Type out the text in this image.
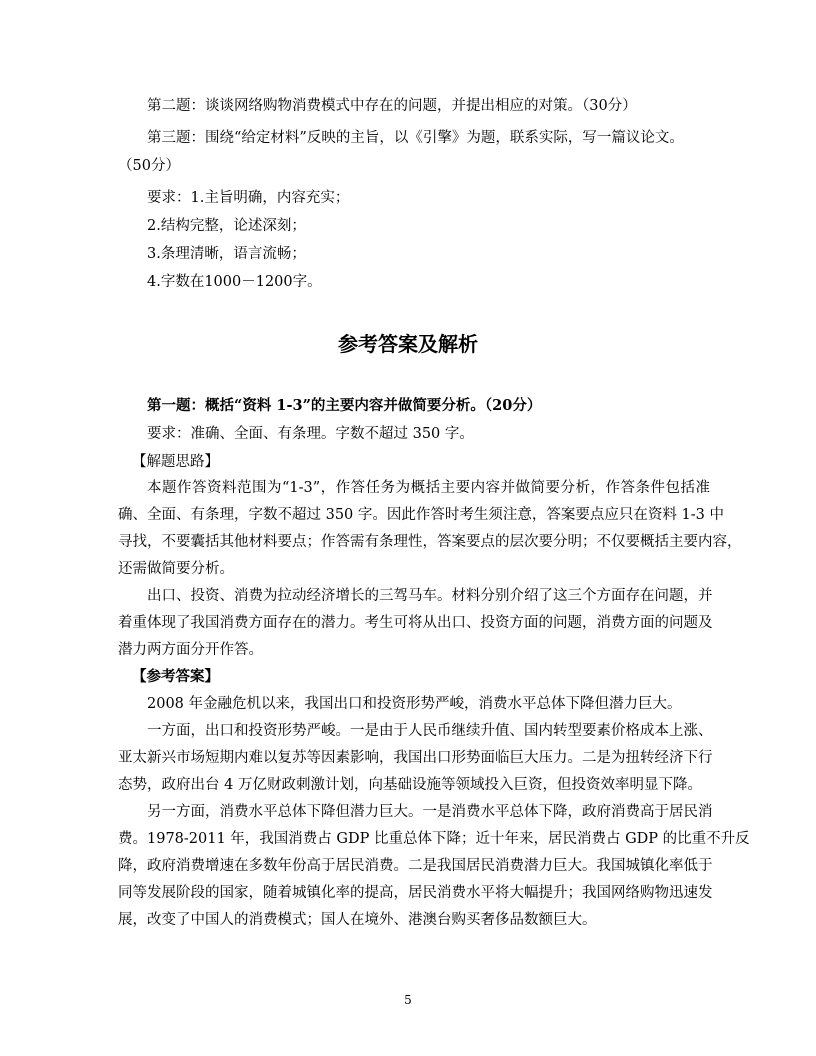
第二题：谈谈网络购物消费模式中存在的问题，并提出相应的对策。（30分）
第三题：围绕“给定材料”反映的主旨，以《引擎》为题，联系实际，写一篇议论文。
（50分）
要求：1.主旨明确，内容充实；
2.结构完整，论述深刻；
3.条理清晰，语言流畅；
4.字数在1000－1200字。
参考答案及解析
第一题：概括“资料 1-3”的主要内容并做简要分析。（20分）
要求：准确、全面、有条理。字数不超过 350 字。
【解题思路】
本题作答资料范围为“1-3”，作答任务为概括主要内容并做简要分析，作答条件包括准
确、全面、有条理，字数不超过 350 字。因此作答时考生须注意，答案要点应只在资料 1-3 中
寻找，不要囊括其他材料要点；作答需有条理性，答案要点的层次要分明；不仅要概括主要内容，
还需做简要分析。
出口、投资、消费为拉动经济增长的三驾马车。材料分别介绍了这三个方面存在问题，并
着重体现了我国消费方面存在的潜力。考生可将从出口、投资方面的问题，消费方面的问题及
潜力两方面分开作答。
【参考答案】
2008 年金融危机以来，我国出口和投资形势严峻，消费水平总体下降但潜力巨大。
一方面，出口和投资形势严峻。一是由于人民币继续升值、国内转型要素价格成本上涨、
亚太新兴市场短期内难以复苏等因素影响，我国出口形势面临巨大压力。二是为扭转经济下行
态势，政府出台 4 万亿财政刺激计划，向基础设施等领域投入巨资，但投资效率明显下降。
另一方面，消费水平总体下降但潜力巨大。一是消费水平总体下降，政府消费高于居民消
费。1978-2011 年，我国消费占 GDP 比重总体下降；近十年来，居民消费占 GDP 的比重不升反
降，政府消费增速在多数年份高于居民消费。二是我国居民消费潜力巨大。我国城镇化率低于
同等发展阶段的国家，随着城镇化率的提高，居民消费水平将大幅提升；我国网络购物迅速发
展，改变了中国人的消费模式；国人在境外、港澳台购买奢侈品数额巨大。
5
